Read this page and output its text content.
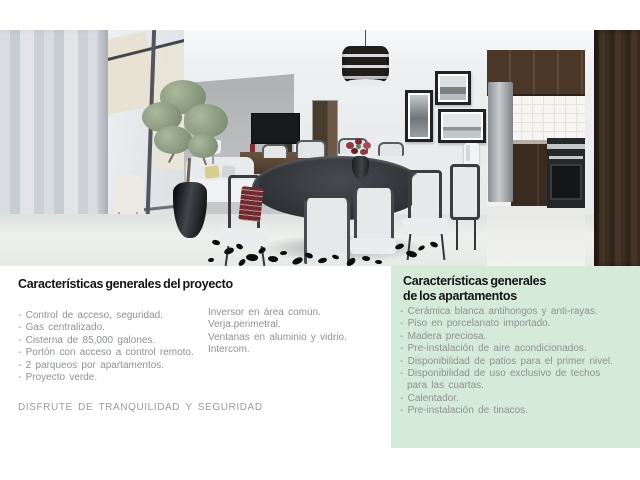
Características generales del proyecto
- Control de acceso, seguridad.
- Gas centralizado.
- Cisterna de 85,000 galones.
- Portón con acceso a control remoto.
- 2 parqueos por apartamentos.
- Proyecto verde.
Inversor en área común.
Verja.perimetral.
Ventanas en aluminio y vidrio.
Intercom.
DISFRUTE DE TRANQUILIDAD Y SEGURIDAD
Características generales
de los apartamentos
- Cerámica blanca antihongos y anti-rayas.
- Piso en porcelanato importado.
- Madera preciosa.
- Pre-instalación de aire acondicionados.
- Disponibilidad de patios para el primer nivel.
- Disponibilidad de uso exclusivo de techos para las cuartas.
- Calentador.
- Pre-instalación de tinacos.
